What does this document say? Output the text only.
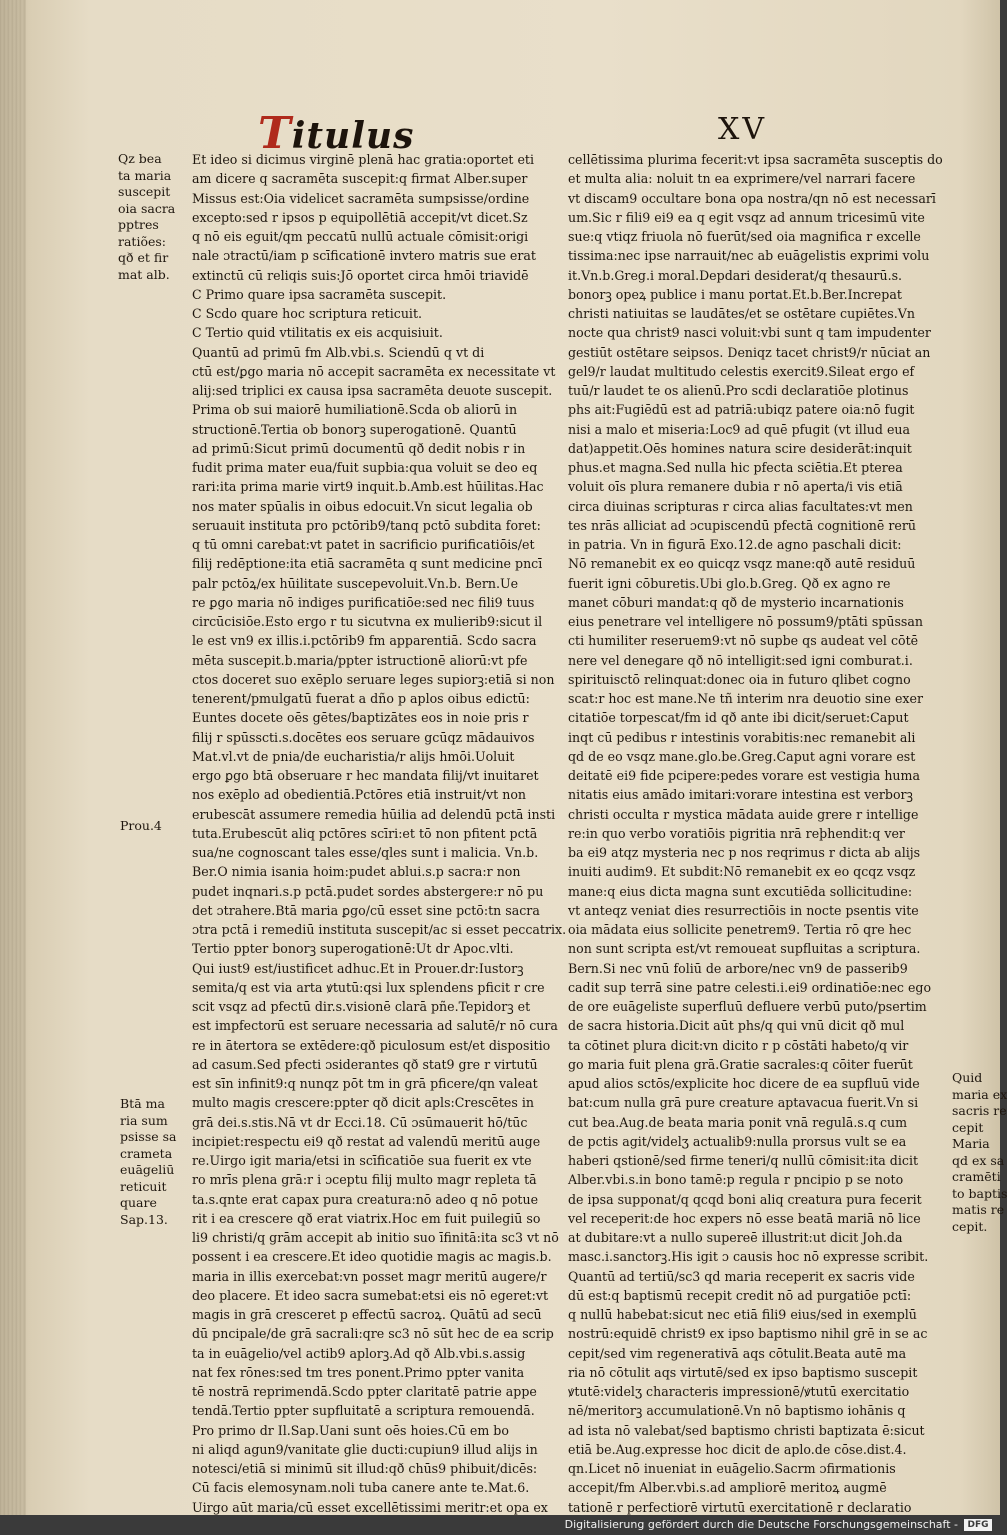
Titulus	XV
Et ideo si dicimus virginē plenā hac gratia:oportet eti
am dicere q sacramēta suscepit:q firmat Alber.super
Missus est:Oia videlicet sacramēta sumpsisse/ordine
excepto:sed r ipsos p equipollētiā accepit/vt dicet.Sz
q nō eis eguit/qm peccatū nullū actuale cōmisit:origi
nale ɔtractū/iam p scīficationē invtero matris sue erat
extinctū cū reliqis suis:Jō oportet circa hmōi triavidē
C Primo quare ipsa sacramēta suscepit.
C Scdo quare hoc scriptura reticuit.
C Tertio quid vtilitatis ex eis acquisiuit.
Quantū ad primū fm Alb.vbi.s. Sciendū q vt di
ctū est/ꝑgo maria nō accepit sacramēta ex necessitate vt
alij:sed triplici ex causa ipsa sacramēta deuote suscepit.
Prima ob sui maiorē humiliationē.Scda ob aliorū in
structionē.Tertia ob bonorꝫ superogationē. Quantū
ad primū:Sicut primū documentū qð dedit nobis r in
fudit prima mater eua/fuit supbia:qua voluit se deo eq
rari:ita prima marie virt9 inquit.b.Amb.est hūilitas.Hac
nos mater spūalis in oibus edocuit.Vn sicut legalia ob
seruauit instituta pro pctōrib9/tanq pctō subdita foret:
q tū omni carebat:vt patet in sacrificio purificatiōis/et
filij redēptione:ita etiā sacramēta q sunt medicine pncī
palr pctōꝝ/ex hūilitate suscepevoluit.Vn.b. Bern.Ue
re ꝑgo maria nō indiges purificatiōe:sed nec fili9 tuus
circūcisiōe.Esto ergo r tu sicutvna ex mulierib9:sicut il
le est vn9 ex illis.i.pctōrib9 fm apparentiā. Scdo sacra
mēta suscepit.b.maria/ppter istructionē aliorū:vt pfe
ctos doceret suo exēplo seruare leges supiorꝫ:etiā si non
tenerent/pmulgatū fuerat a dño p aplos oibus edictū:
Euntes docete oēs gētes/baptizātes eos in noie pris r
filij r spūsscti.s.docētes eos seruare gcūqz mādauivos
Mat.vl.vt de pnia/de eucharistia/r alijs hmōi.Uoluit
ergo ꝑgo btā obseruare r hec mandata filij/vt inuitaret
nos exēplo ad obedientiā.Pctōres etiā instruit/vt non
erubescāt assumere remedia hūilia ad delendū pctā insti
tuta.Erubescūt aliq pctōres scīri:et tō non pfitent pctā
sua/ne cognoscant tales esse/qles sunt i malicia. Vn.b.
Ber.O nimia isania hoim:pudet ablui.s.p sacra:r non
pudet inqnari.s.p pctā.pudet sordes abstergere:r nō pu
det ɔtrahere.Btā maria ꝑgo/cū esset sine pctō:tn sacra
ɔtra pctā i remediū instituta suscepit/ac si esset peccatrix.
Tertio ppter bonorꝫ superogationē:Ut dr Apoc.vlti.
Qui iust9 est/iustificet adhuc.Et in Prouer.dr:Iustorꝫ
semita/q est via arta ꝟtutū:qsi lux splendens pficit r cre
scit vsqz ad pfectū dir.s.visionē clarā pñe.Tepidorꝫ et
est impfectorū est seruare necessaria ad salutē/r nō cura
re in ātertora se extēdere:qð piculosum est/et dispositio
ad casum.Sed pfecti ɔsiderantes qð stat9 gre r virtutū
est sīn infinit9:q nunqz pōt tm in grā pficere/qn valeat
multo magis crescere:ppter qð dicit apls:Crescētes in
grā dei.s.stis.Nā vt dr Ecci.18. Cū ɔsūmauerit hō/tūc
incipiet:respectu ei9 qð restat ad valendū meritū auge
re.Uirgo igit maria/etsi in scīficatiōe sua fuerit ex vte
ro mrīs plena grā:r i ɔceptu filij multo magr repleta tā
ta.s.qnte erat capax pura creatura:nō adeo q nō potue
rit i ea crescere qð erat viatrix.Hoc em fuit puilegiū so
li9 christi/q grām accepit ab initio suo īfinitā:ita sc3 vt nō
possent i ea crescere.Et ideo quotidie magis ac magis.b.
maria in illis exercebat:vn posset magr meritū augere/r
deo placere. Et ideo sacra sumebat:etsi eis nō egeret:vt
magis in grā cresceret p effectū sacroꝝ. Quātū ad secū
dū pncipale/de grā sacrali:qre sc3 nō sūt hec de ea scrip
ta in euāgelio/vel actib9 aplorꝫ.Ad qð Alb.vbi.s.assig
nat fex rōnes:sed tm tres ponent.Primo ppter vanita
tē nostrā reprimendā.Scdo ppter claritatē patrie appe
tendā.Tertio ppter supfluitatē a scriptura remouendā.
Pro primo dr Il.Sap.Uani sunt oēs hoies.Cū em bo
ni aliqd agun9/vanitate glie ducti:cupiun9 illud alijs in
notesci/etiā si minimū sit illud:qð chūs9 phibuit/dicēs:
Cū facis elemosynam.noli tuba canere ante te.Mat.6.
Uirgo aūt maria/cū esset excellētissimi meritr:et opa ex
cellētissima plurima fecerit:vt ipsa sacramēta susceptis do
et multa alia: noluit tn ea exprimere/vel narrari facere
vt discam9 occultare bona opa nostra/qn nō est necessarī
um.Sic r fili9 ei9 ea q egit vsqz ad annum tricesimū vite
sue:q vtiqz friuola nō fuerūt/sed oia magnifica r excelle
tissima:nec ipse narrauit/nec ab euāgelistis exprimi volu
it.Vn.b.Greg.i moral.Depdari desiderat/q thesaurū.s.
bonorꝫ opeꝝ publice i manu portat.Et.b.Ber.Increpat
christi natiuitas se laudātes/et se ostētare cupiētes.Vn
nocte qua christ9 nasci voluit:vbi sunt q tam impudenter
gestiūt ostētare seipsos. Deniqz tacet christ9/r nūciat an
gel9/r laudat multitudo celestis exercit9.Sileat ergo ef
tuū/r laudet te os alienū.Pro scdi declaratiōe plotinus
phs ait:Fugiēdū est ad patriā:ubiqz patere oia:nō fugit
nisi a malo et miseria:Loc9 ad quē pfugit (vt illud eua
dat)appetit.Oēs homines natura scire desiderāt:inquit
phus.et magna.Sed nulla hic pfecta sciētia.Et pterea
voluit oīs plura remanere dubia r nō aperta/i vis etiā
circa diuinas scripturas r circa alias facultates:vt men
tes nrās alliciat ad ɔcupiscendū pfectā cognitionē rerū
in patria. Vn in figurā Exo.12.de agno paschali dicit:
Nō remanebit ex eo quicqz vsqz mane:qð autē residuū
fuerit igni cōburetis.Ubi glo.b.Greg. Qð ex agno re
manet cōburi mandat:q qð de mysterio incarnationis
eius penetrare vel intelligere nō possum9/ptāti spūssan
cti humiliter reseruem9:vt nō supbe qs audeat vel cōtē
nere vel denegare qð nō intelligit:sed igni comburat.i.
spirituisctō relinquat:donec oia in futuro qlibet cogno
scat:r hoc est mane.Ne tñ interim nra deuotio sine exer
citatiōe torpescat/fm id qð ante ibi dicit/seruet:Caput
inqt cū pedibus r intestinis vorabitis:nec remanebit ali
qd de eo vsqz mane.glo.be.Greg.Caput agni vorare est
deitatē ei9 fide pcipere:pedes vorare est vestigia huma
nitatis eius amādo imitari:vorare intestina est verborꝫ
christi occulta r mystica mādata auide grere r intellige
re:in quo verbo voratiōis pigritia nrā reþhendit:q ver
ba ei9 atqz mysteria nec p nos reqrimus r dicta ab alijs
inuiti audim9. Et subdit:Nō remanebit ex eo qcqz vsqz
mane:q eius dicta magna sunt excutiēda sollicitudine:
vt anteqz veniat dies resurrectiōis in nocte psentis vite
oia mādata eius sollicite penetrem9. Tertia rō qre hec
non sunt scripta est/vt remoueat supfluitas a scriptura.
Bern.Si nec vnū foliū de arbore/nec vn9 de passerib9
cadit sup terrā sine patre celesti.i.ei9 ordinatiōe:nec ego
de ore euāgeliste superfluū defluere verbū puto/psertim
de sacra historia.Dicit aūt phs/q qui vnū dicit qð mul
ta cōtinet plura dicit:vn dicito r p cōstāti habeto/q vir
go maria fuit plena grā.Gratie sacrales:q cōiter fuerūt
apud alios sctōs/explicite hoc dicere de ea supfluū vide
bat:cum nulla grā pure creature aptavacua fuerit.Vn si
cut bea.Aug.de beata maria ponit vnā regulā.s.q cum
de pctis agit/videlʒ actualib9:nulla prorsus vult se ea
haberi qstionē/sed firme teneri/q nullū cōmisit:ita dicit
Alber.vbi.s.in bono tamē:p regula r pncipio p se noto
de ipsa supponat/q qcqd boni aliq creatura pura fecerit
vel receperit:de hoc expers nō esse beatā mariā nō lice
at dubitare:vt a nullo supereē illustrit:ut dicit Joh.da
masc.i.sanctorꝫ.His igit ɔ causis hoc nō expresse scribit.
Quantū ad tertiū/sc3 qd maria receperit ex sacris vide
dū est:q baptismū recepit credit nō ad purgatiōe pctī:
q nullū habebat:sicut nec etiā fili9 eius/sed in exemplū
nostrū:equidē christ9 ex ipso baptismo nihil grē in se ac
cepit/sed vim regenerativā aqs cōtulit.Beata autē ma
ria nō cōtulit aqs virtutē/sed ex ipso baptismo suscepit
ꝟtutē:videlʒ characteris impressionē/ꝟtutū exercitatio
nē/meritorꝫ accumulationē.Vn nō baptismo iohānis q
ad ista nō valebat/sed baptismo christi baptizata ē:sicut
etiā be.Aug.expresse hoc dicit de aplo.de cōse.dist.4.
qn.Licet nō inueniat in euāgelio.Sacrm ɔfirmationis
accepit/fm Alber.vbi.s.ad ampliorē meritoꝝ augmē
tationē r perfectiorē virtutū exercitationē r declaratio
Qz bea
ta maria
suscepit
oia sacra
pptres
ratiões:
qð et fir
mat alb.
Prou.4
Btā ma
ria sum
psisse sa
crameta
euāgeliū
reticuit
quare
Sap.13.
Quid
maria ex
sacris re
cepit
Maria
qd ex sa
cramēti
to baptis
matis re
cepit.
Digitalisierung gefördert durch die Deutsche Forschungsgemeinschaft -	DFG
